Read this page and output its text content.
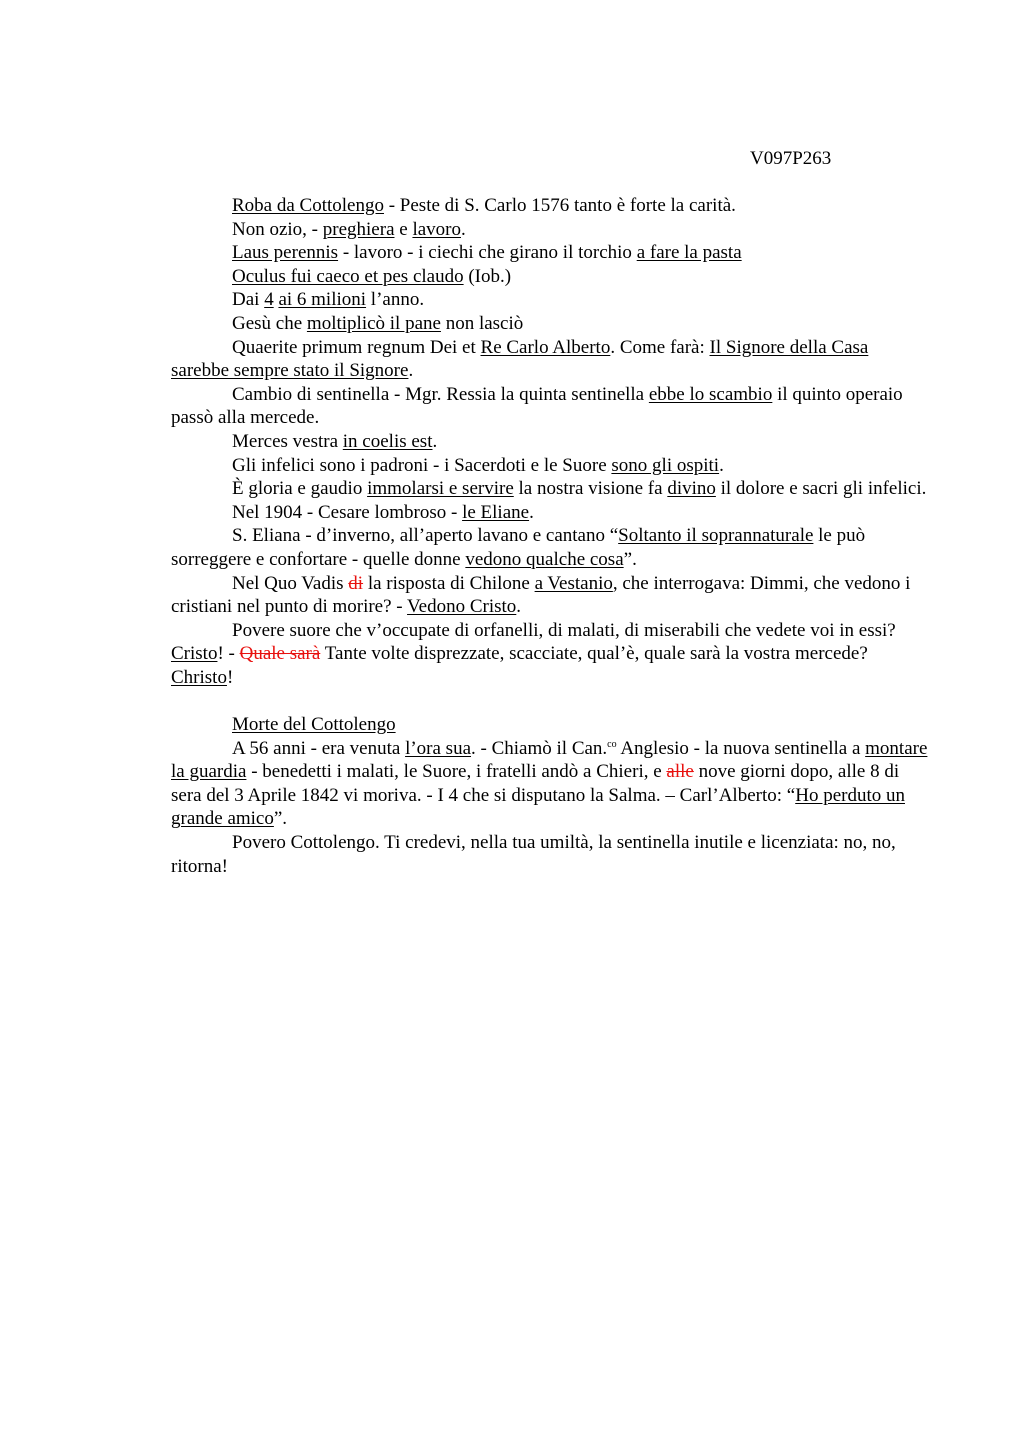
V097P263

Roba da Cottolengo - Peste di S. Carlo 1576 tanto è forte la carità.

Non ozio, - preghiera e lavoro.

Laus perennis - lavoro - i ciechi che girano il torchio a fare la pasta

Oculus fui caeco et pes claudo (Iob.)

Dai 4 ai 6 milioni l’anno.

Gesù che moltiplicò il pane non lasciò

Quaerite primum regnum Dei et Re Carlo Alberto. Come farà: Il Signore della Casa sarebbe sempre stato il Signore.

Cambio di sentinella - Mgr. Ressia la quinta sentinella ebbe lo scambio il quinto operaio passò alla mercede.

Merces vestra in coelis est.

Gli infelici sono i padroni - i Sacerdoti e le Suore sono gli ospiti.

È gloria e gaudio immolarsi e servire la nostra visione fa divino il dolore e sacri gli infelici.

Nel 1904 - Cesare lombroso - le Eliane.

S. Eliana - d’inverno, all’aperto lavano e cantano “Soltanto il soprannaturale le può sorreggere e confortare - quelle donne vedono qualche cosa”.

Nel Quo Vadis di la risposta di Chilone a Vestanio, che interrogava: Dimmi, che vedono i cristiani nel punto di morire? - Vedono Cristo.

Povere suore che v’occupate di orfanelli, di malati, di miserabili che vedete voi in essi? Cristo! - Quale sarà Tante volte disprezzate, scacciate, qual’è, quale sarà la vostra mercede? Christo!

Morte del Cottolengo

A 56 anni - era venuta l’ora sua. - Chiamò il Can.$^{co}$ Anglesio - la nuova sentinella a montare la guardia - benedetti i malati, le Suore, i fratelli andò a Chieri, e alle nove giorni dopo, alle 8 di sera del 3 Aprile 1842 vi moriva. - I 4 che si disputano la Salma. – Carl’Alberto: “Ho perduto un grande amico”.

Povero Cottolengo. Ti credevi, nella tua umiltà, la sentinella inutile e licenziata: no, no, ritorna!
